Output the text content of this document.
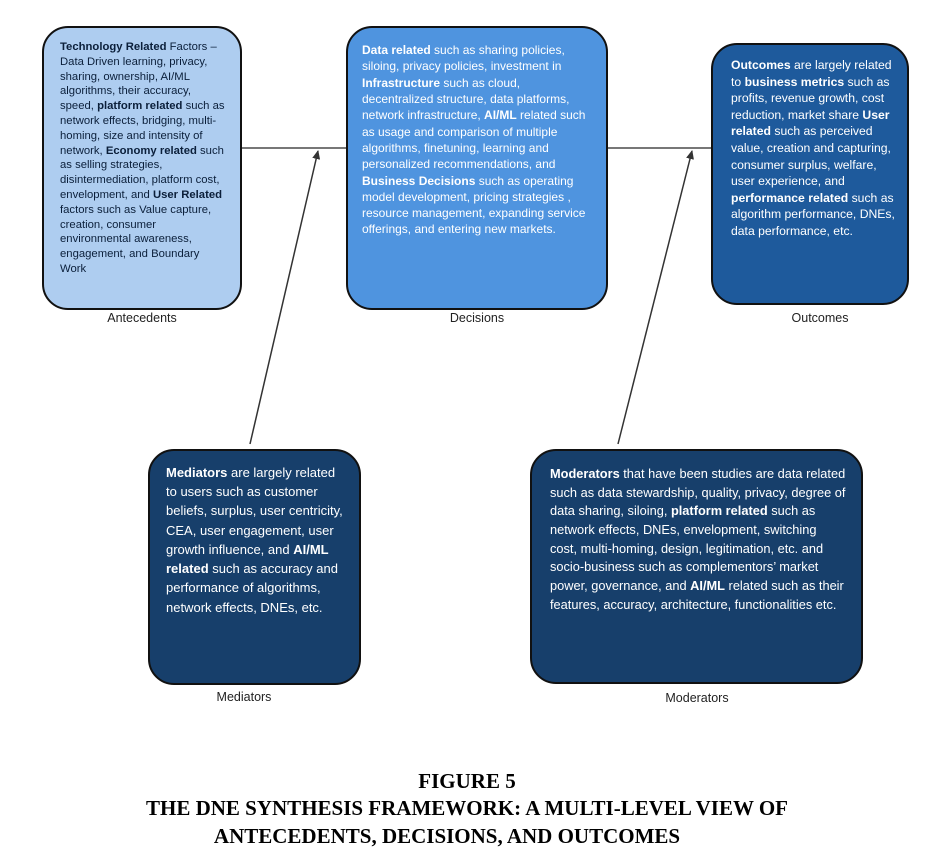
Technology Related Factors – Data Driven learning, privacy, sharing, ownership, AI/ML algorithms, their accuracy, speed, platform related such as network effects, bridging, multi-homing, size and intensity of network, Economy related such as selling strategies, disintermediation, platform cost, envelopment, and User Related factors such as Value capture, creation, consumer environmental awareness, engagement, and Boundary Work
Antecedents
Data related such as sharing policies, siloing, privacy policies, investment in Infrastructure such as cloud, decentralized structure, data platforms, network infrastructure, AI/ML related such as usage and comparison of multiple algorithms, finetuning, learning and personalized recommendations, and Business Decisions such as operating model development, pricing strategies , resource management, expanding service offerings, and entering new markets.
Decisions
Outcomes are largely related to business metrics such as profits, revenue growth, cost reduction, market share User related such as perceived value, creation and capturing, consumer surplus, welfare, user experience, and performance related such as algorithm performance, DNEs, data performance, etc.
Outcomes
Mediators are largely related to users such as customer beliefs, surplus, user centricity, CEA, user engagement, user growth influence, and AI/ML related such as accuracy and performance of algorithms, network effects, DNEs, etc.
Mediators
Moderators that have been studies are data related such as data stewardship, quality, privacy, degree of data sharing, siloing, platform related such as network effects, DNEs, envelopment, switching cost, multi-homing, design, legitimation, etc. and socio-business such as complementors’ market power, governance, and AI/ML related such as their features, accuracy, architecture, functionalities etc.
Moderators
FIGURE 5
THE DNE SYNTHESIS FRAMEWORK: A MULTI-LEVEL VIEW OF
ANTECEDENTS, DECISIONS, AND OUTCOMES
